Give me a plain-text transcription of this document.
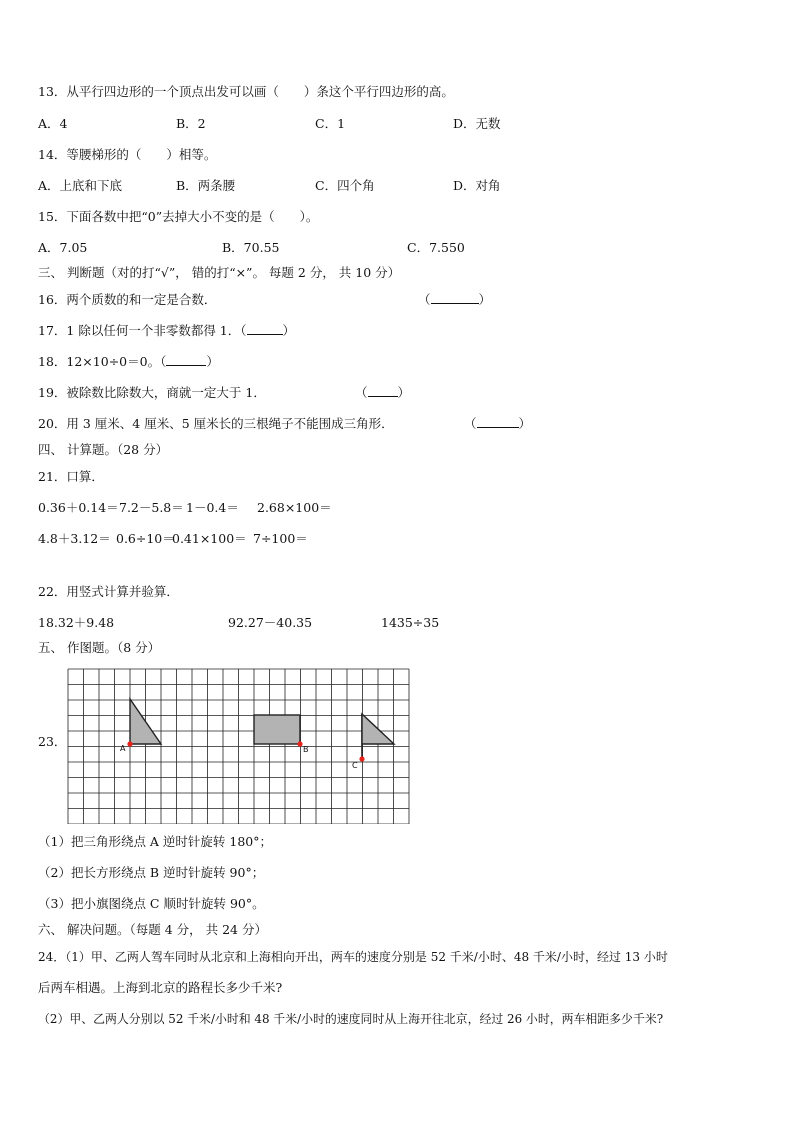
13．从平行四边形的一个顶点出发可以画（　　）条这个平行四边形的高。
A．4	B．2	C．1	D．无数
14．等腰梯形的（　　）相等。
A．上底和下底	B．两条腰	C．四个角	D．对角
15．下面各数中把“0”去掉大小不变的是（　　）。
A．7.05	B．70.55	C．7.550
三、 判断题（对的打“√”， 错的打“×”。 每题 2 分， 共 10 分）
16．两个质数的和一定是合数．	（	）
17．1 除以任何一个非零数都得 1．（	）
18．12×10÷0＝0。（	）
19．被除数比除数大，商就一定大于 1．	（ ）
20．用 3 厘米、4 厘米、5 厘米长的三根绳子不能围成三角形．	（	）
四、 计算题。（28 分）
21．口算．
0.36＋0.14＝ 7.2－5.8＝ 1－0.4＝ 2.68×100＝
4.8＋3.12＝ 0.6÷10＝
0.41×100＝ 7÷100＝
22．用竖式计算并验算．
18.32＋9.48	92.27－40.35	1435÷35
五、 作图题。（8 分）
23．	A	B
C
（1）把三角形绕点 A 逆时针旋转 180°；
（2）把长方形绕点 B 逆时针旋转 90°；
（3）把小旗图绕点 C 顺时针旋转 90°。
六、 解决问题。（每题 4 分， 共 24 分）
24．（1）甲、乙两人驾车同时从北京和上海相向开出，两车的速度分别是 52 千米/小时、48 千米/小时，经过 13 小时
后两车相遇。上海到北京的路程长多少千米?
（2）甲、乙两人分别以 52 千米/小时和 48 千米/小时的速度同时从上海开往北京，经过 26 小时，两车相距多少千米?
